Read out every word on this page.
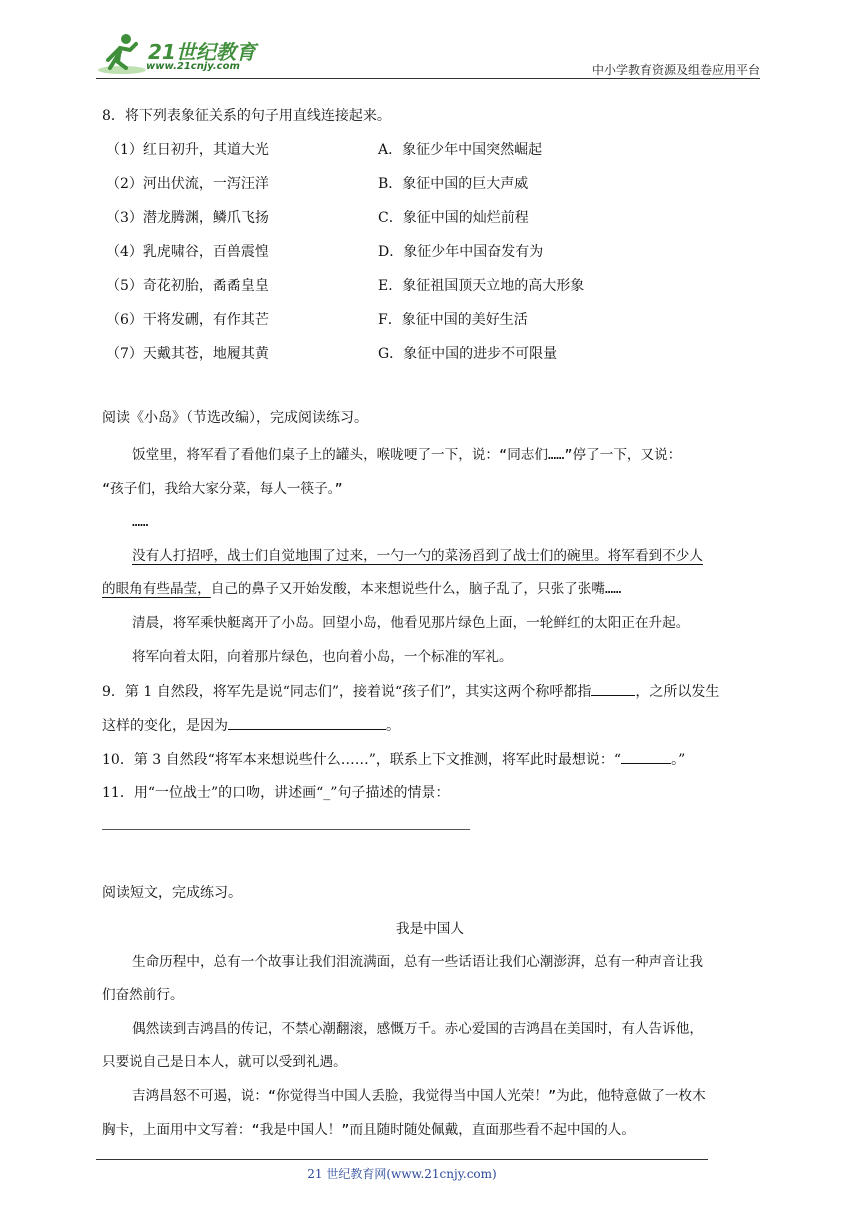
21世纪教育
www.21cnjy.com	中小学教育资源及组卷应用平台
8．将下列表象征关系的句子用直线连接起来。
（1）红日初升，其道大光	A．象征少年中国突然崛起
（2）河出伏流，一泻汪洋	B．象征中国的巨大声威
（3）潜龙腾渊，鳞爪飞扬	C．象征中国的灿烂前程
（4）乳虎啸谷，百兽震惶	D．象征少年中国奋发有为
（5）奇花初胎，矞矞皇皇	E．象征祖国顶天立地的高大形象
（6）干将发硎，有作其芒	F．象征中国的美好生活
（7）天戴其苍，地履其黄	G．象征中国的进步不可限量
阅读《小岛》（节选改编），完成阅读练习。
饭堂里，将军看了看他们桌子上的罐头，喉咙哽了一下，说：“同志们……”停了一下，又说：
“孩子们，我给大家分菜，每人一筷子。”
……
没有人打招呼，战士们自觉地围了过来，一勺一勺的菜汤舀到了战士们的碗里。将军看到不少人
的眼角有些晶莹，自己的鼻子又开始发酸，本来想说些什么，脑子乱了，只张了张嘴……
清晨，将军乘快艇离开了小岛。回望小岛，他看见那片绿色上面，一轮鲜红的太阳正在升起。
将军向着太阳，向着那片绿色，也向着小岛，一个标准的军礼。
9．第 1 自然段，将军先是说“同志们”，接着说“孩子们”，其实这两个称呼都指	，之所以发生
这样的变化，是因为	。
10．第 3 自然段“将军本来想说些什么……”，联系上下文推测，将军此时最想说：“	。”
11．用“一位战士”的口吻，讲述画“_”句子描述的情景：
阅读短文，完成练习。
我是中国人
生命历程中，总有一个故事让我们泪流满面，总有一些话语让我们心潮澎湃，总有一种声音让我
们奋然前行。
偶然读到吉鸿昌的传记，不禁心潮翻滚，感慨万千。赤心爱国的吉鸿昌在美国时，有人告诉他，
只要说自己是日本人，就可以受到礼遇。
吉鸿昌怒不可遏，说：“你觉得当中国人丢脸，我觉得当中国人光荣！”为此，他特意做了一枚木
胸卡，上面用中文写着：“我是中国人！”而且随时随处佩戴，直面那些看不起中国的人。
21 世纪教育网(www.21cnjy.com)
